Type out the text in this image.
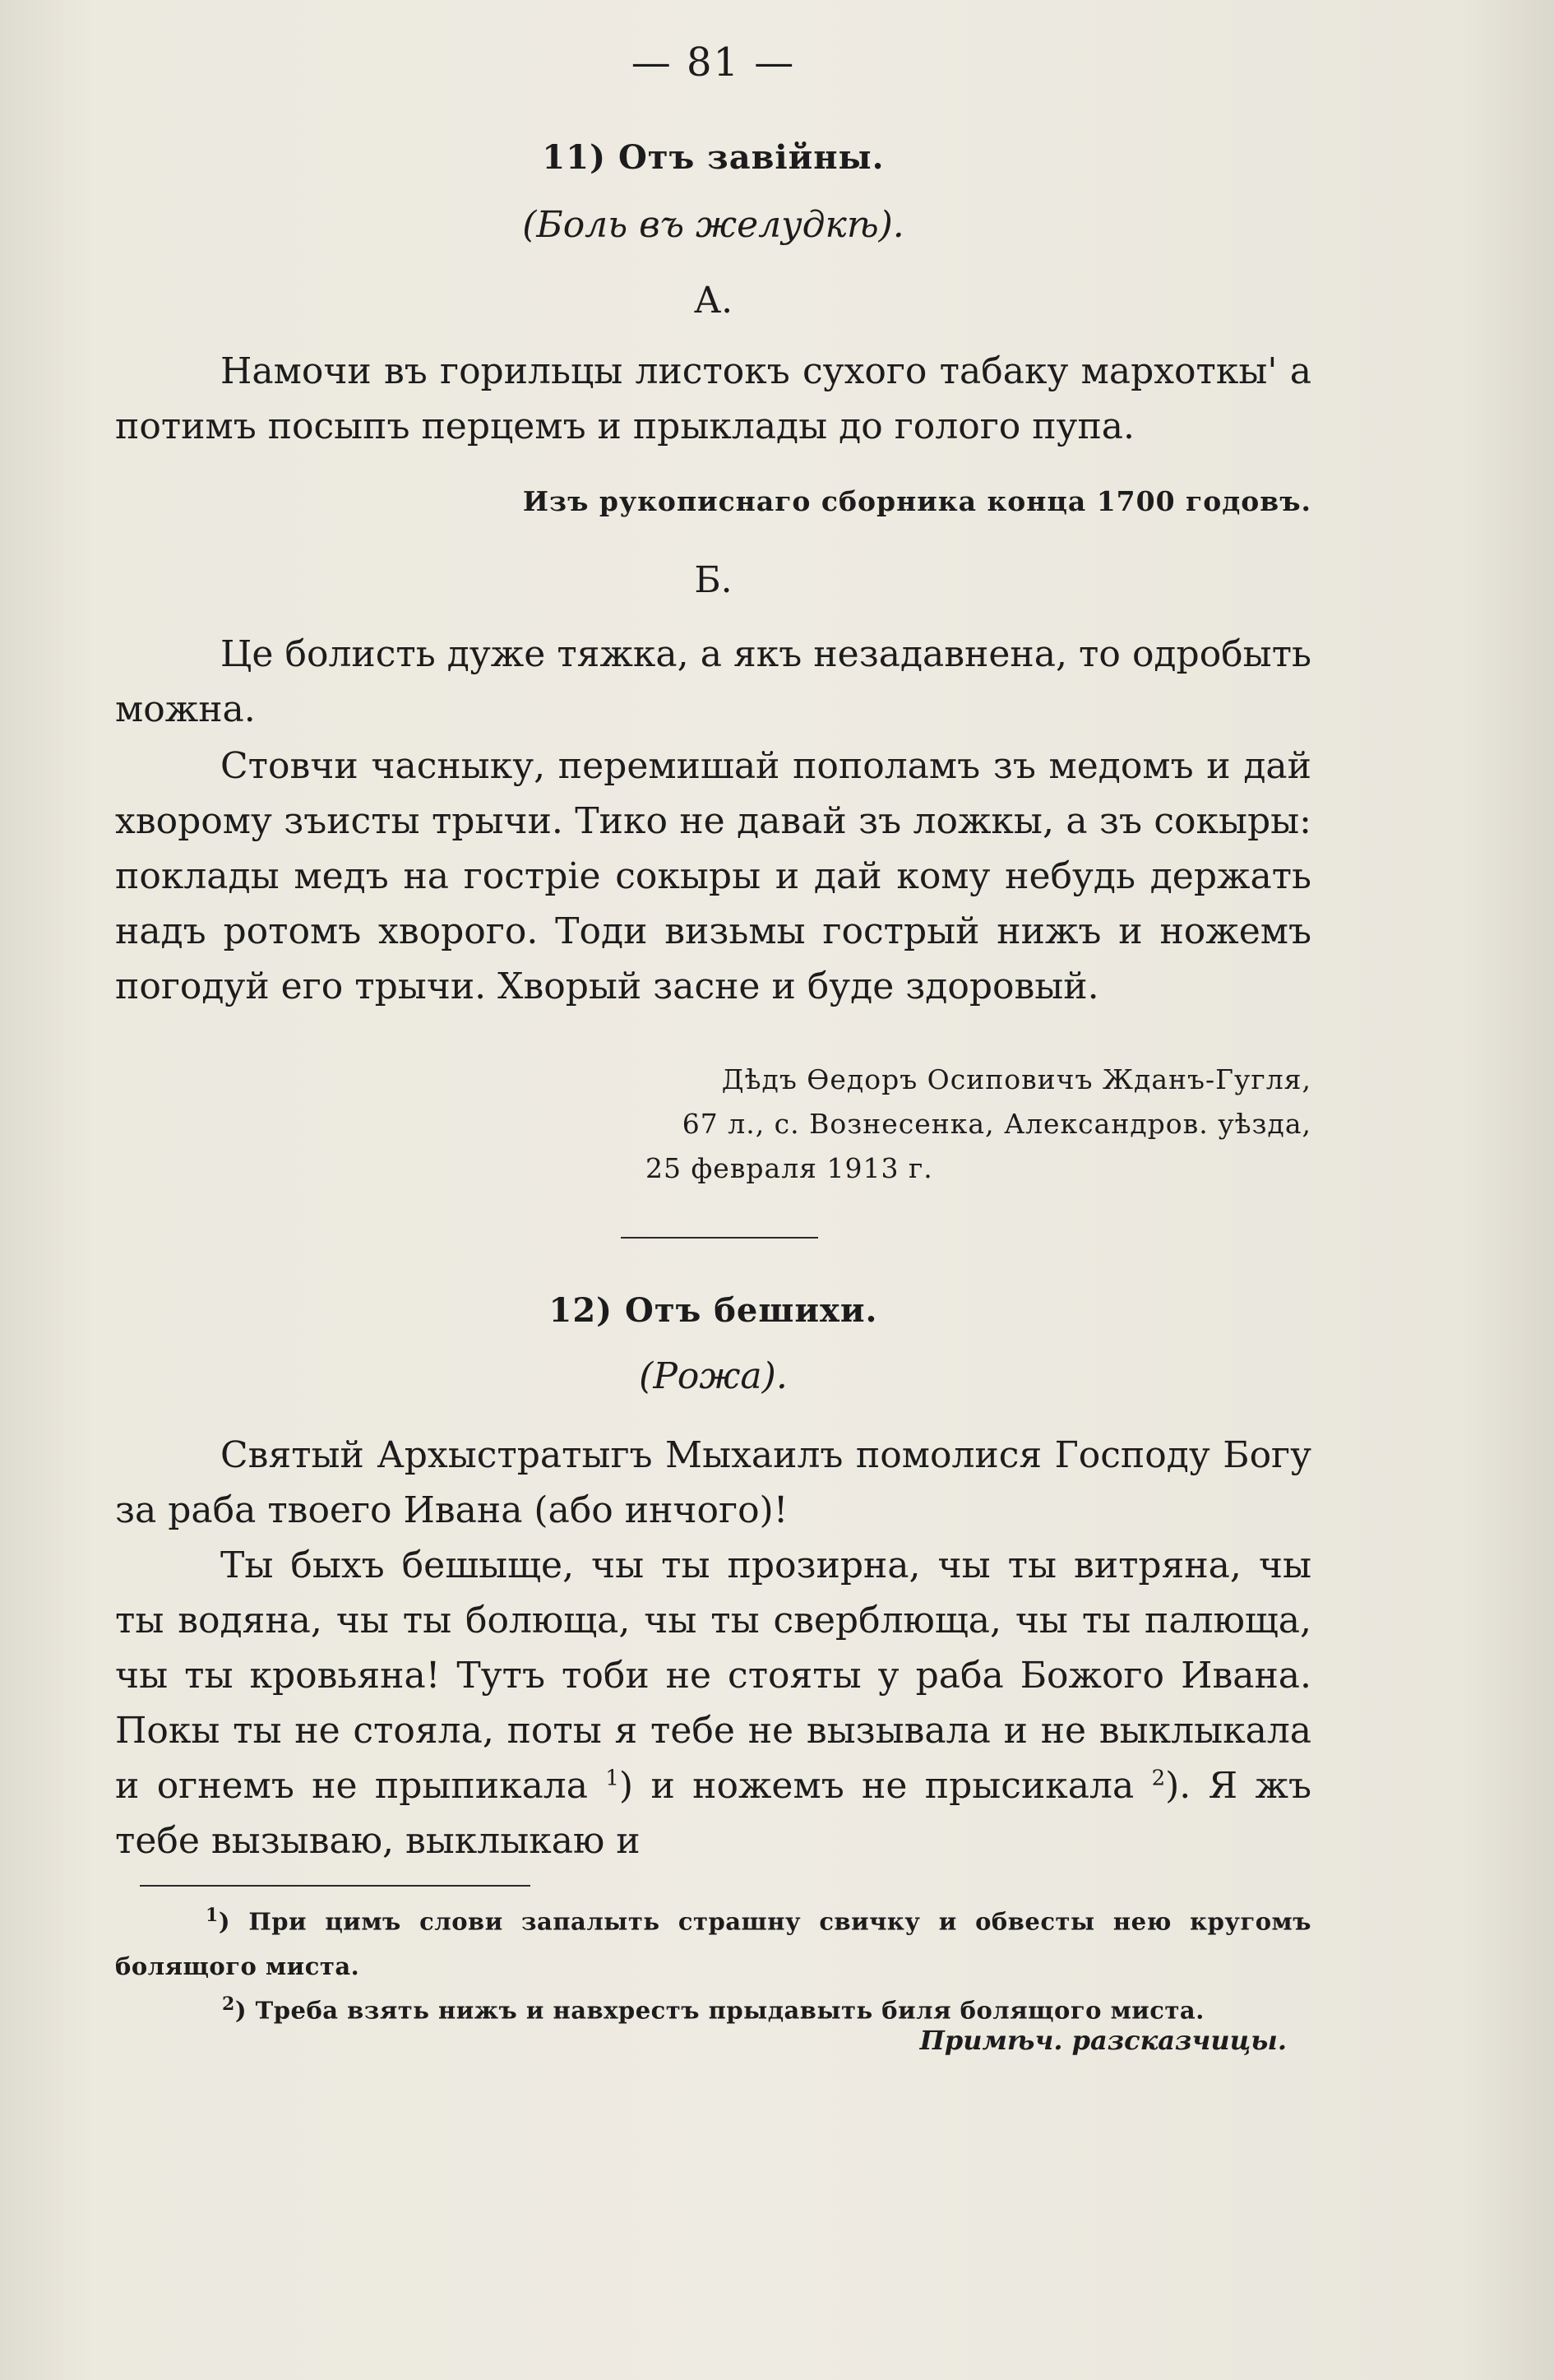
— 81 —
11) Отъ завійны.
(Боль въ желудкѣ).
А.
Намочи въ горильцы листокъ сухого табаку мархоткы' а потимъ посыпъ перцемъ и прыклады до голого пупа.
Изъ рукописнаго сборника конца 1700 годовъ.
Б.
Це болисть дуже тяжка, а якъ незадавнена, то одробыть можна.
Стовчи часныку, перемишай пополамъ зъ медомъ и дай хворому зъисты трычи. Тико не давай зъ ложкы, а зъ сокыры: поклады медъ на гострiе сокыры и дай кому небудь держать надъ ротомъ хворого. Тоди визьмы гострый нижъ и ножемъ погодуй его трычи. Хворый засне и буде здоровый.
Дѣдъ Өедоръ Осиповичъ Жданъ-Гугля,
67 л., с. Вознесенка, Александров. уѣзда,
25 февраля 1913 г.
12) Отъ бешихи.
(Рожа).
Святый Архыстратыгъ Мыхаилъ помолися Господу Богу за раба твоего Ивана (або инчого)!
Ты быхъ бешыще, чы ты прозирна, чы ты витряна, чы ты водяна, чы ты болюща, чы ты сверблюща, чы ты палюща, чы ты кровьяна! Тутъ тоби не стояты у раба Божого Ивана. Покы ты не стояла, поты я тебе не вызывала и не выклыкала и огнемъ не прыпикала $^1$) и ножемъ не прысикала $^2$). Я жъ тебе вызываю, выклыкаю и
$^1$) При цимъ слови запалыть страшну свичку и обвесты нею кругомъ болящого миста.
$^2$) Треба взять нижъ и навхрестъ прыдавыть биля болящого миста.
Примѣч. разсказчицы.
